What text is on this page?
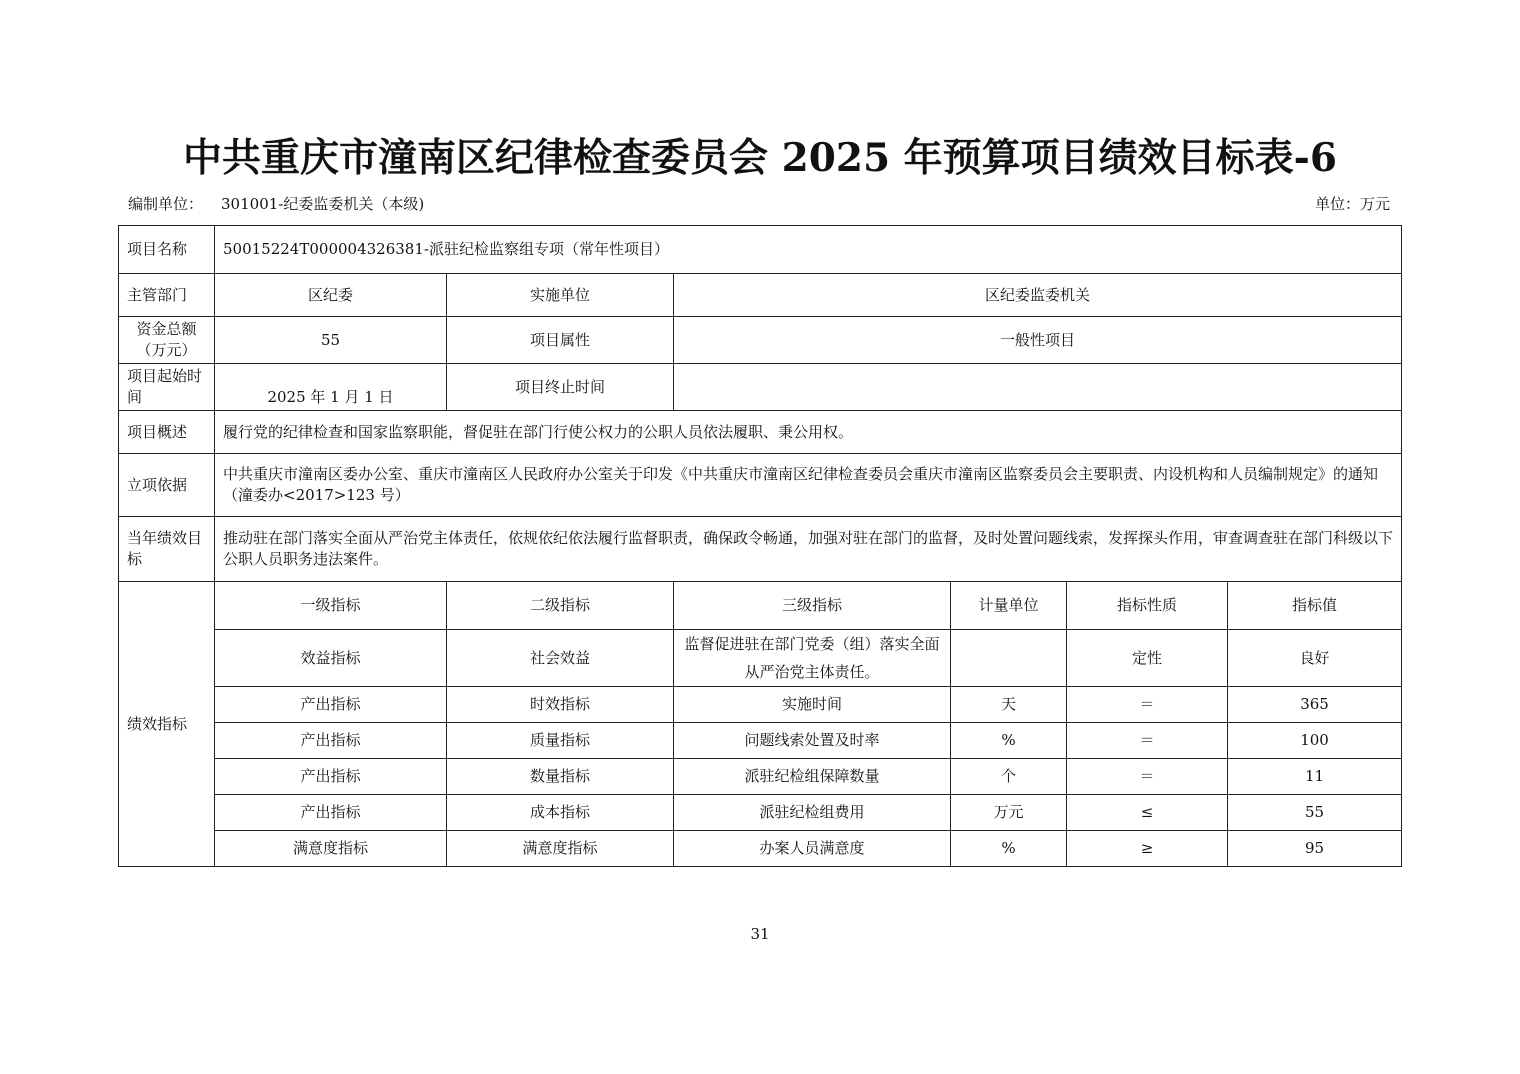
中共重庆市潼南区纪律检查委员会 2025 年预算项目绩效目标表-6
编制单位： 301001-纪委监委机关（本级)	单位：万元
项目名称	50015224T000004326381-派驻纪检监察组专项（常年性项目）					
主管部门	区纪委	实施单位	区纪委监委机关			
资金总额（万元）	55	项目属性	一般性项目			
项目起始时间	2025 年 1 月 1 日	项目终止时间				
项目概述	履行党的纪律检查和国家监察职能，督促驻在部门行使公权力的公职人员依法履职、秉公用权。					
立项依据	中共重庆市潼南区委办公室、重庆市潼南区人民政府办公室关于印发《中共重庆市潼南区纪律检查委员会重庆市潼南区监察委员会主要职责、内设机构和人员编制规定》的通知（潼委办<2017>123 号）					
当年绩效目标	推动驻在部门落实全面从严治党主体责任，依规依纪依法履行监督职责，确保政令畅通，加强对驻在部门的监督，及时处置问题线索，发挥探头作用，审查调查驻在部门科级以下公职人员职务违法案件。					
绩效指标	一级指标	二级指标	三级指标	计量单位	指标性质	指标值
	效益指标	社会效益	监督促进驻在部门党委（组）落实全面从严治党主体责任。		定性	良好
	产出指标	时效指标	实施时间	天	＝	365
	产出指标	质量指标	问题线索处置及时率	%	＝	100
	产出指标	数量指标	派驻纪检组保障数量	个	＝	11
	产出指标	成本指标	派驻纪检组费用	万元	≤	55
	满意度指标	满意度指标	办案人员满意度	%	≥	95
31
